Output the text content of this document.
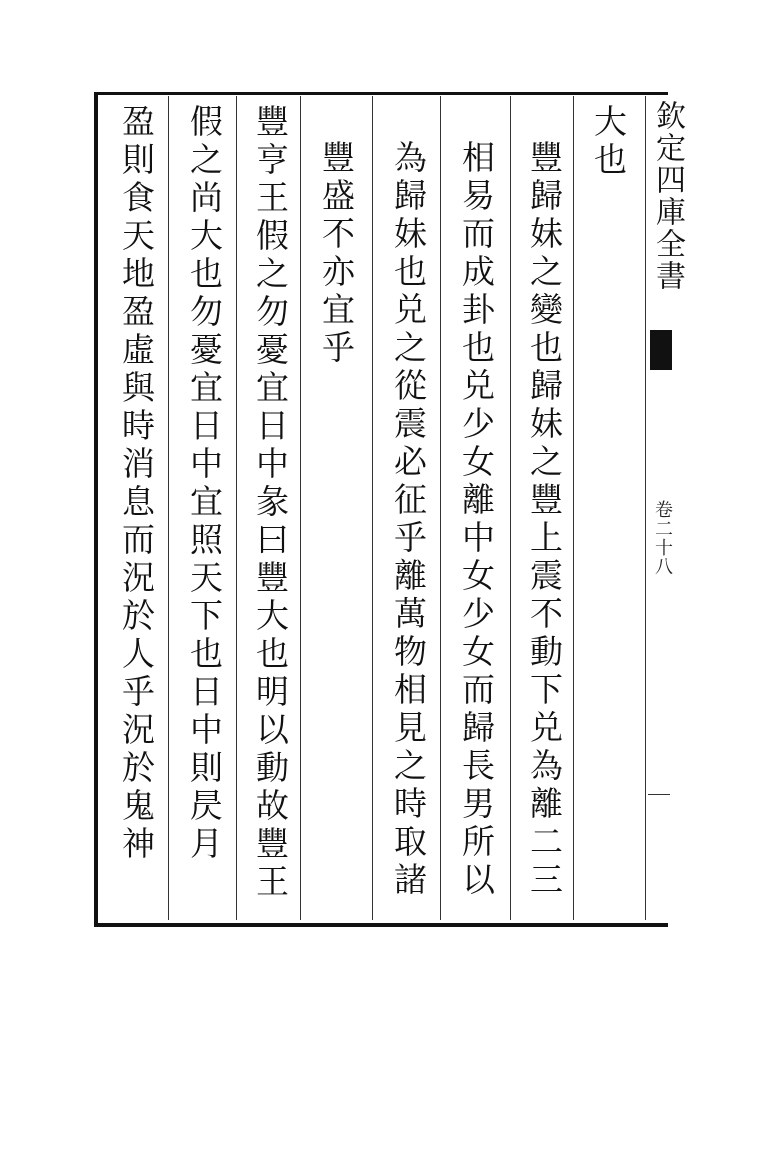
欽定四庫全書
卷二十八
大也
豐歸妹之變也歸妹之豐上震不動下兑為離二三
相易而成卦也兑少女離中女少女而歸長男所以
為歸妹也兑之從震必征乎離萬物相見之時取諸
豐盛不亦宜乎
豐亨王假之勿憂宜日中彖曰豐大也明以動故豐王
假之尚大也勿憂宜日中宜照天下也日中則昃月
盈則食天地盈虛與時消息而況於人乎況於鬼神
